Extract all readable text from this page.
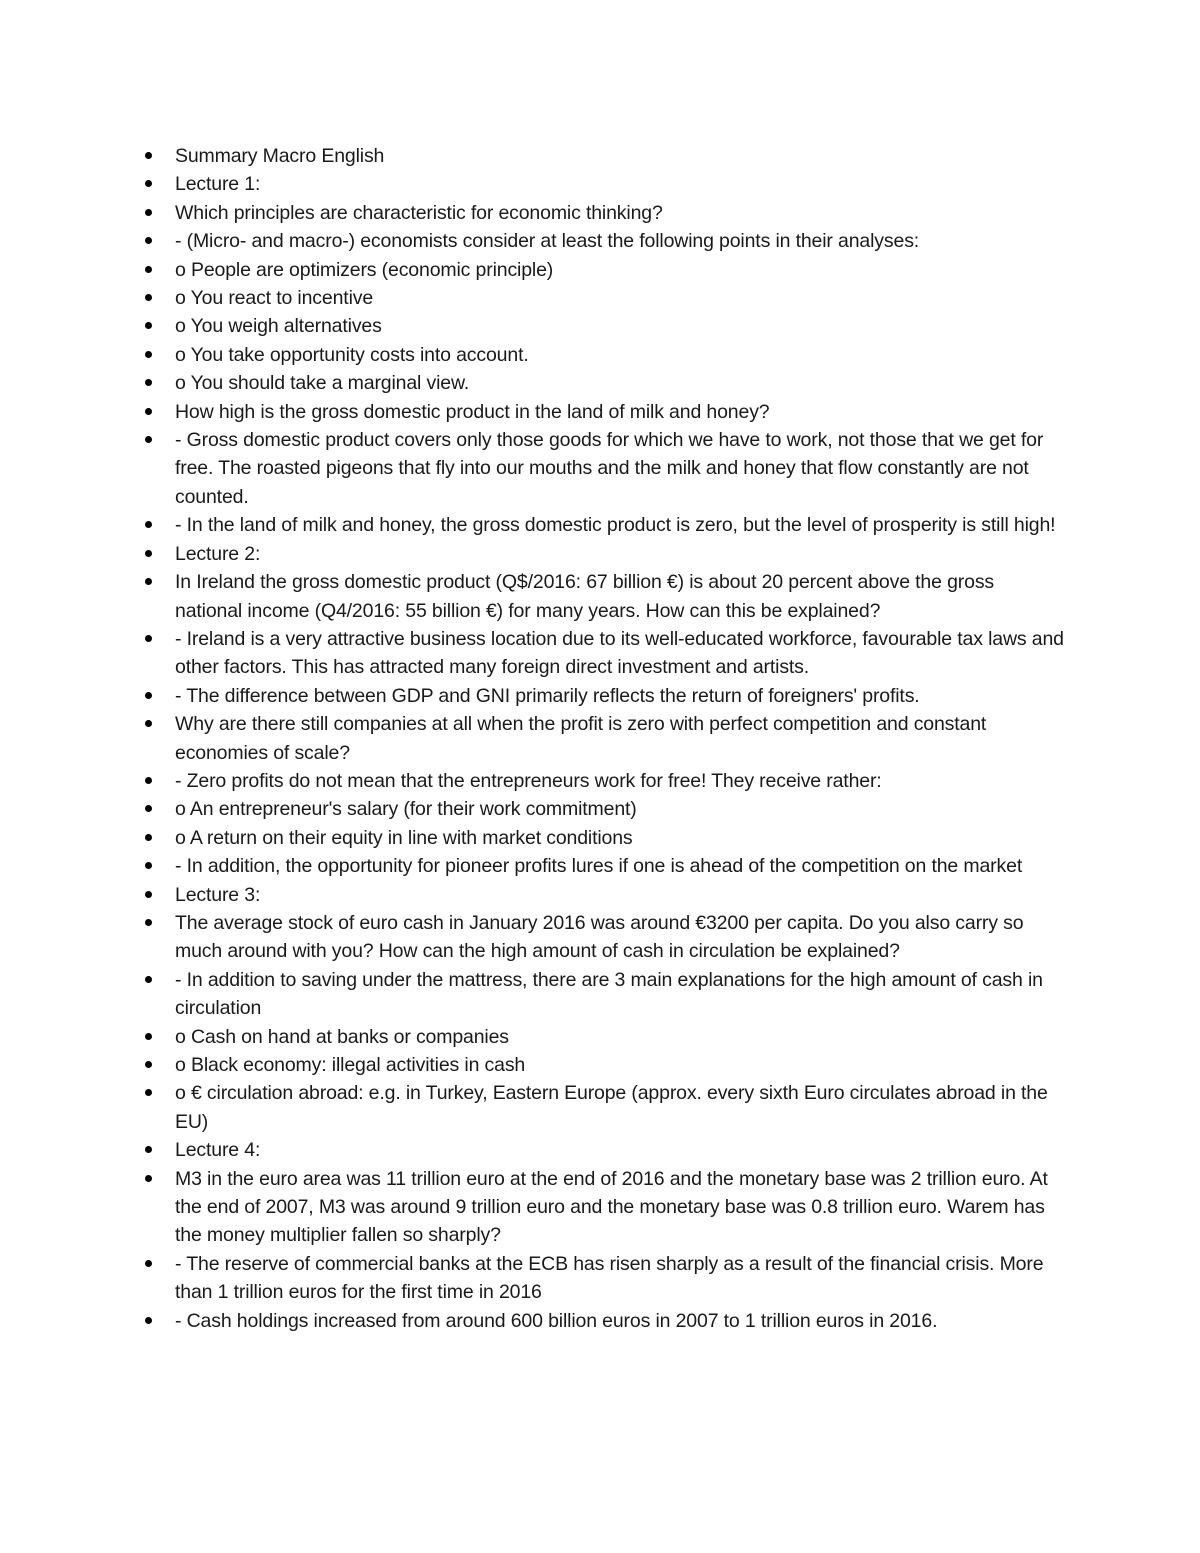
Summary Macro English
Lecture 1:
Which principles are characteristic for economic thinking?
- (Micro- and macro-) economists consider at least the following points in their analyses:
o People are optimizers (economic principle)
o You react to incentive
o You weigh alternatives
o You take opportunity costs into account.
o You should take a marginal view.
How high is the gross domestic product in the land of milk and honey?
- Gross domestic product covers only those goods for which we have to work, not those that we get for free. The roasted pigeons that fly into our mouths and the milk and honey that flow constantly are not counted.
- In the land of milk and honey, the gross domestic product is zero, but the level of prosperity is still high!
Lecture 2:
In Ireland the gross domestic product (Q$/2016: 67 billion €) is about 20 percent above the gross national income (Q4/2016: 55 billion €) for many years. How can this be explained?
- Ireland is a very attractive business location due to its well-educated workforce, favourable tax laws and other factors. This has attracted many foreign direct investment and artists.
- The difference between GDP and GNI primarily reflects the return of foreigners' profits.
Why are there still companies at all when the profit is zero with perfect competition and constant economies of scale?
- Zero profits do not mean that the entrepreneurs work for free! They receive rather:
o An entrepreneur's salary (for their work commitment)
o A return on their equity in line with market conditions
- In addition, the opportunity for pioneer profits lures if one is ahead of the competition on the market
Lecture 3:
The average stock of euro cash in January 2016 was around €3200 per capita. Do you also carry so much around with you? How can the high amount of cash in circulation be explained?
- In addition to saving under the mattress, there are 3 main explanations for the high amount of cash in circulation
o Cash on hand at banks or companies
o Black economy: illegal activities in cash
o € circulation abroad: e.g. in Turkey, Eastern Europe (approx. every sixth Euro circulates abroad in the EU)
Lecture 4:
M3 in the euro area was 11 trillion euro at the end of 2016 and the monetary base was 2 trillion euro. At the end of 2007, M3 was around 9 trillion euro and the monetary base was 0.8 trillion euro. Warem has the money multiplier fallen so sharply?
- The reserve of commercial banks at the ECB has risen sharply as a result of the financial crisis. More than 1 trillion euros for the first time in 2016
- Cash holdings increased from around 600 billion euros in 2007 to 1 trillion euros in 2016.
